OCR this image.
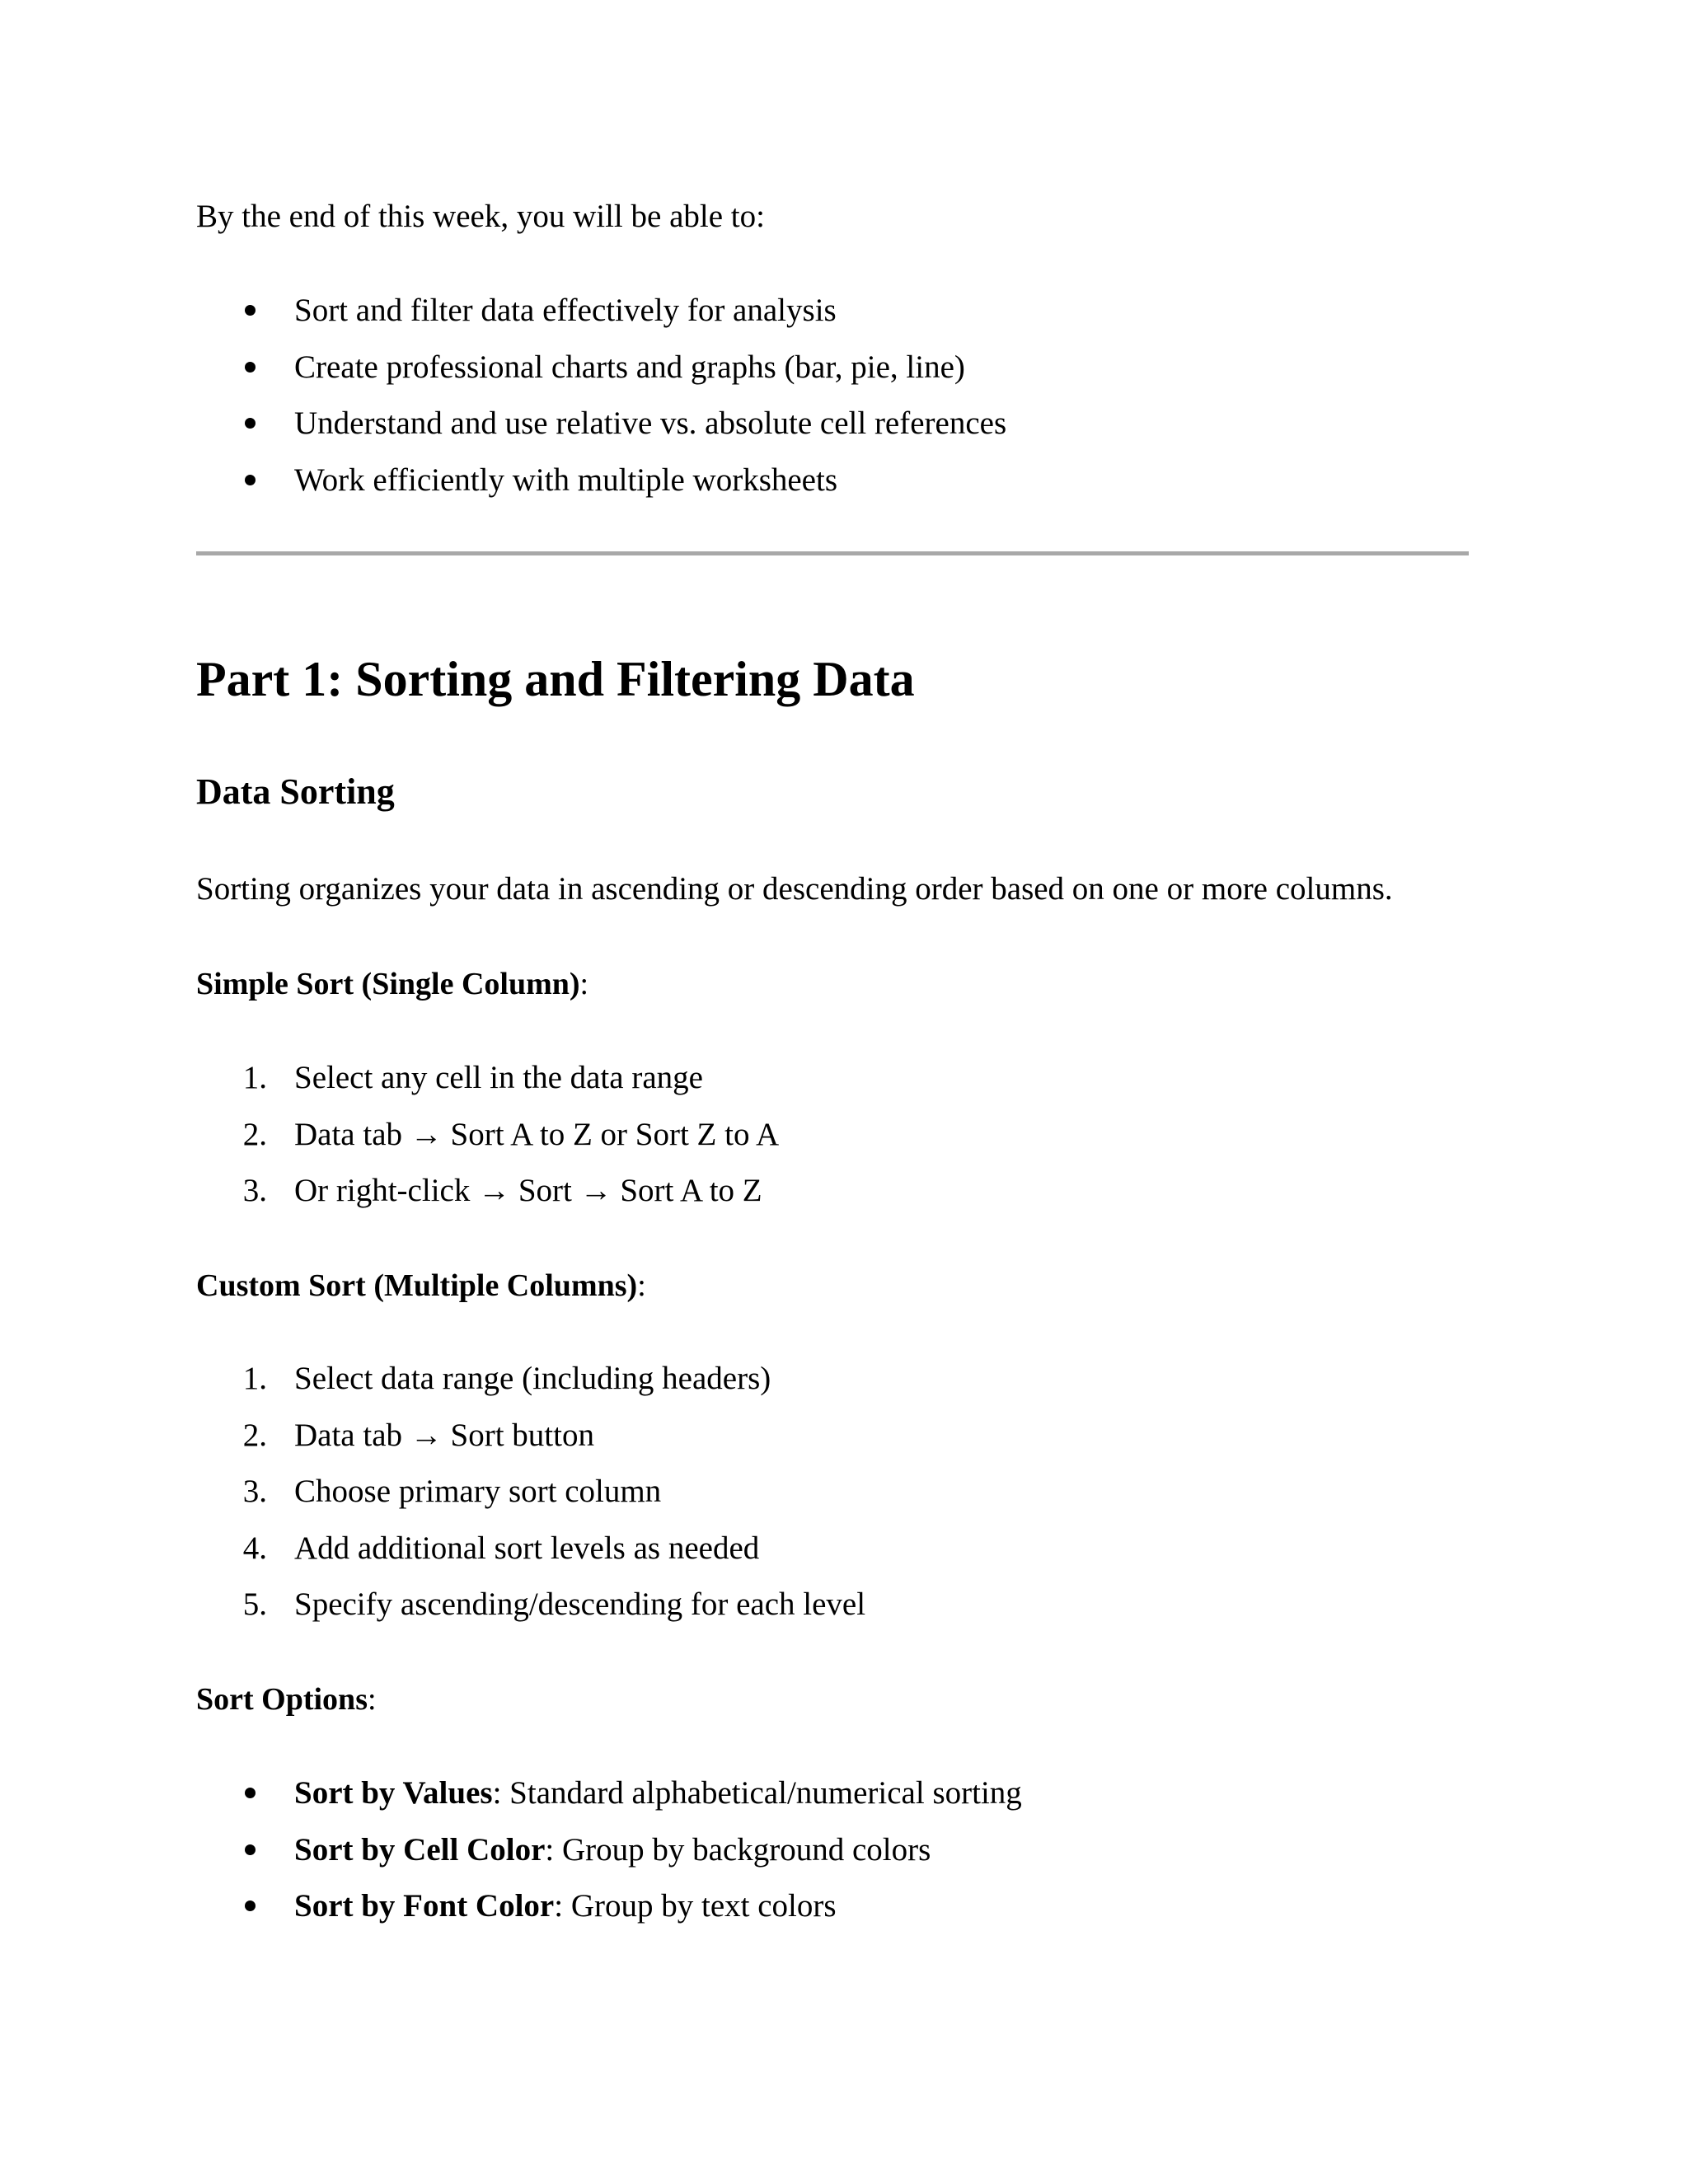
By the end of this week, you will be able to:

Sort and filter data effectively for analysis
Create professional charts and graphs (bar, pie, line)
Understand and use relative vs. absolute cell references
Work efficiently with multiple worksheets
Part 1: Sorting and Filtering Data
Data Sorting

Sorting organizes your data in ascending or descending order based on one or more columns.

Simple Sort (Single Column):

1. Select any cell in the data range
2. Data tab → Sort A to Z or Sort Z to A
3. Or right-click → Sort → Sort A to Z

Custom Sort (Multiple Columns):

1. Select data range (including headers)
2. Data tab → Sort button
3. Choose primary sort column
4. Add additional sort levels as needed
5. Specify ascending/descending for each level

Sort Options:

Sort by Values: Standard alphabetical/numerical sorting
Sort by Cell Color: Group by background colors
Sort by Font Color: Group by text colors
